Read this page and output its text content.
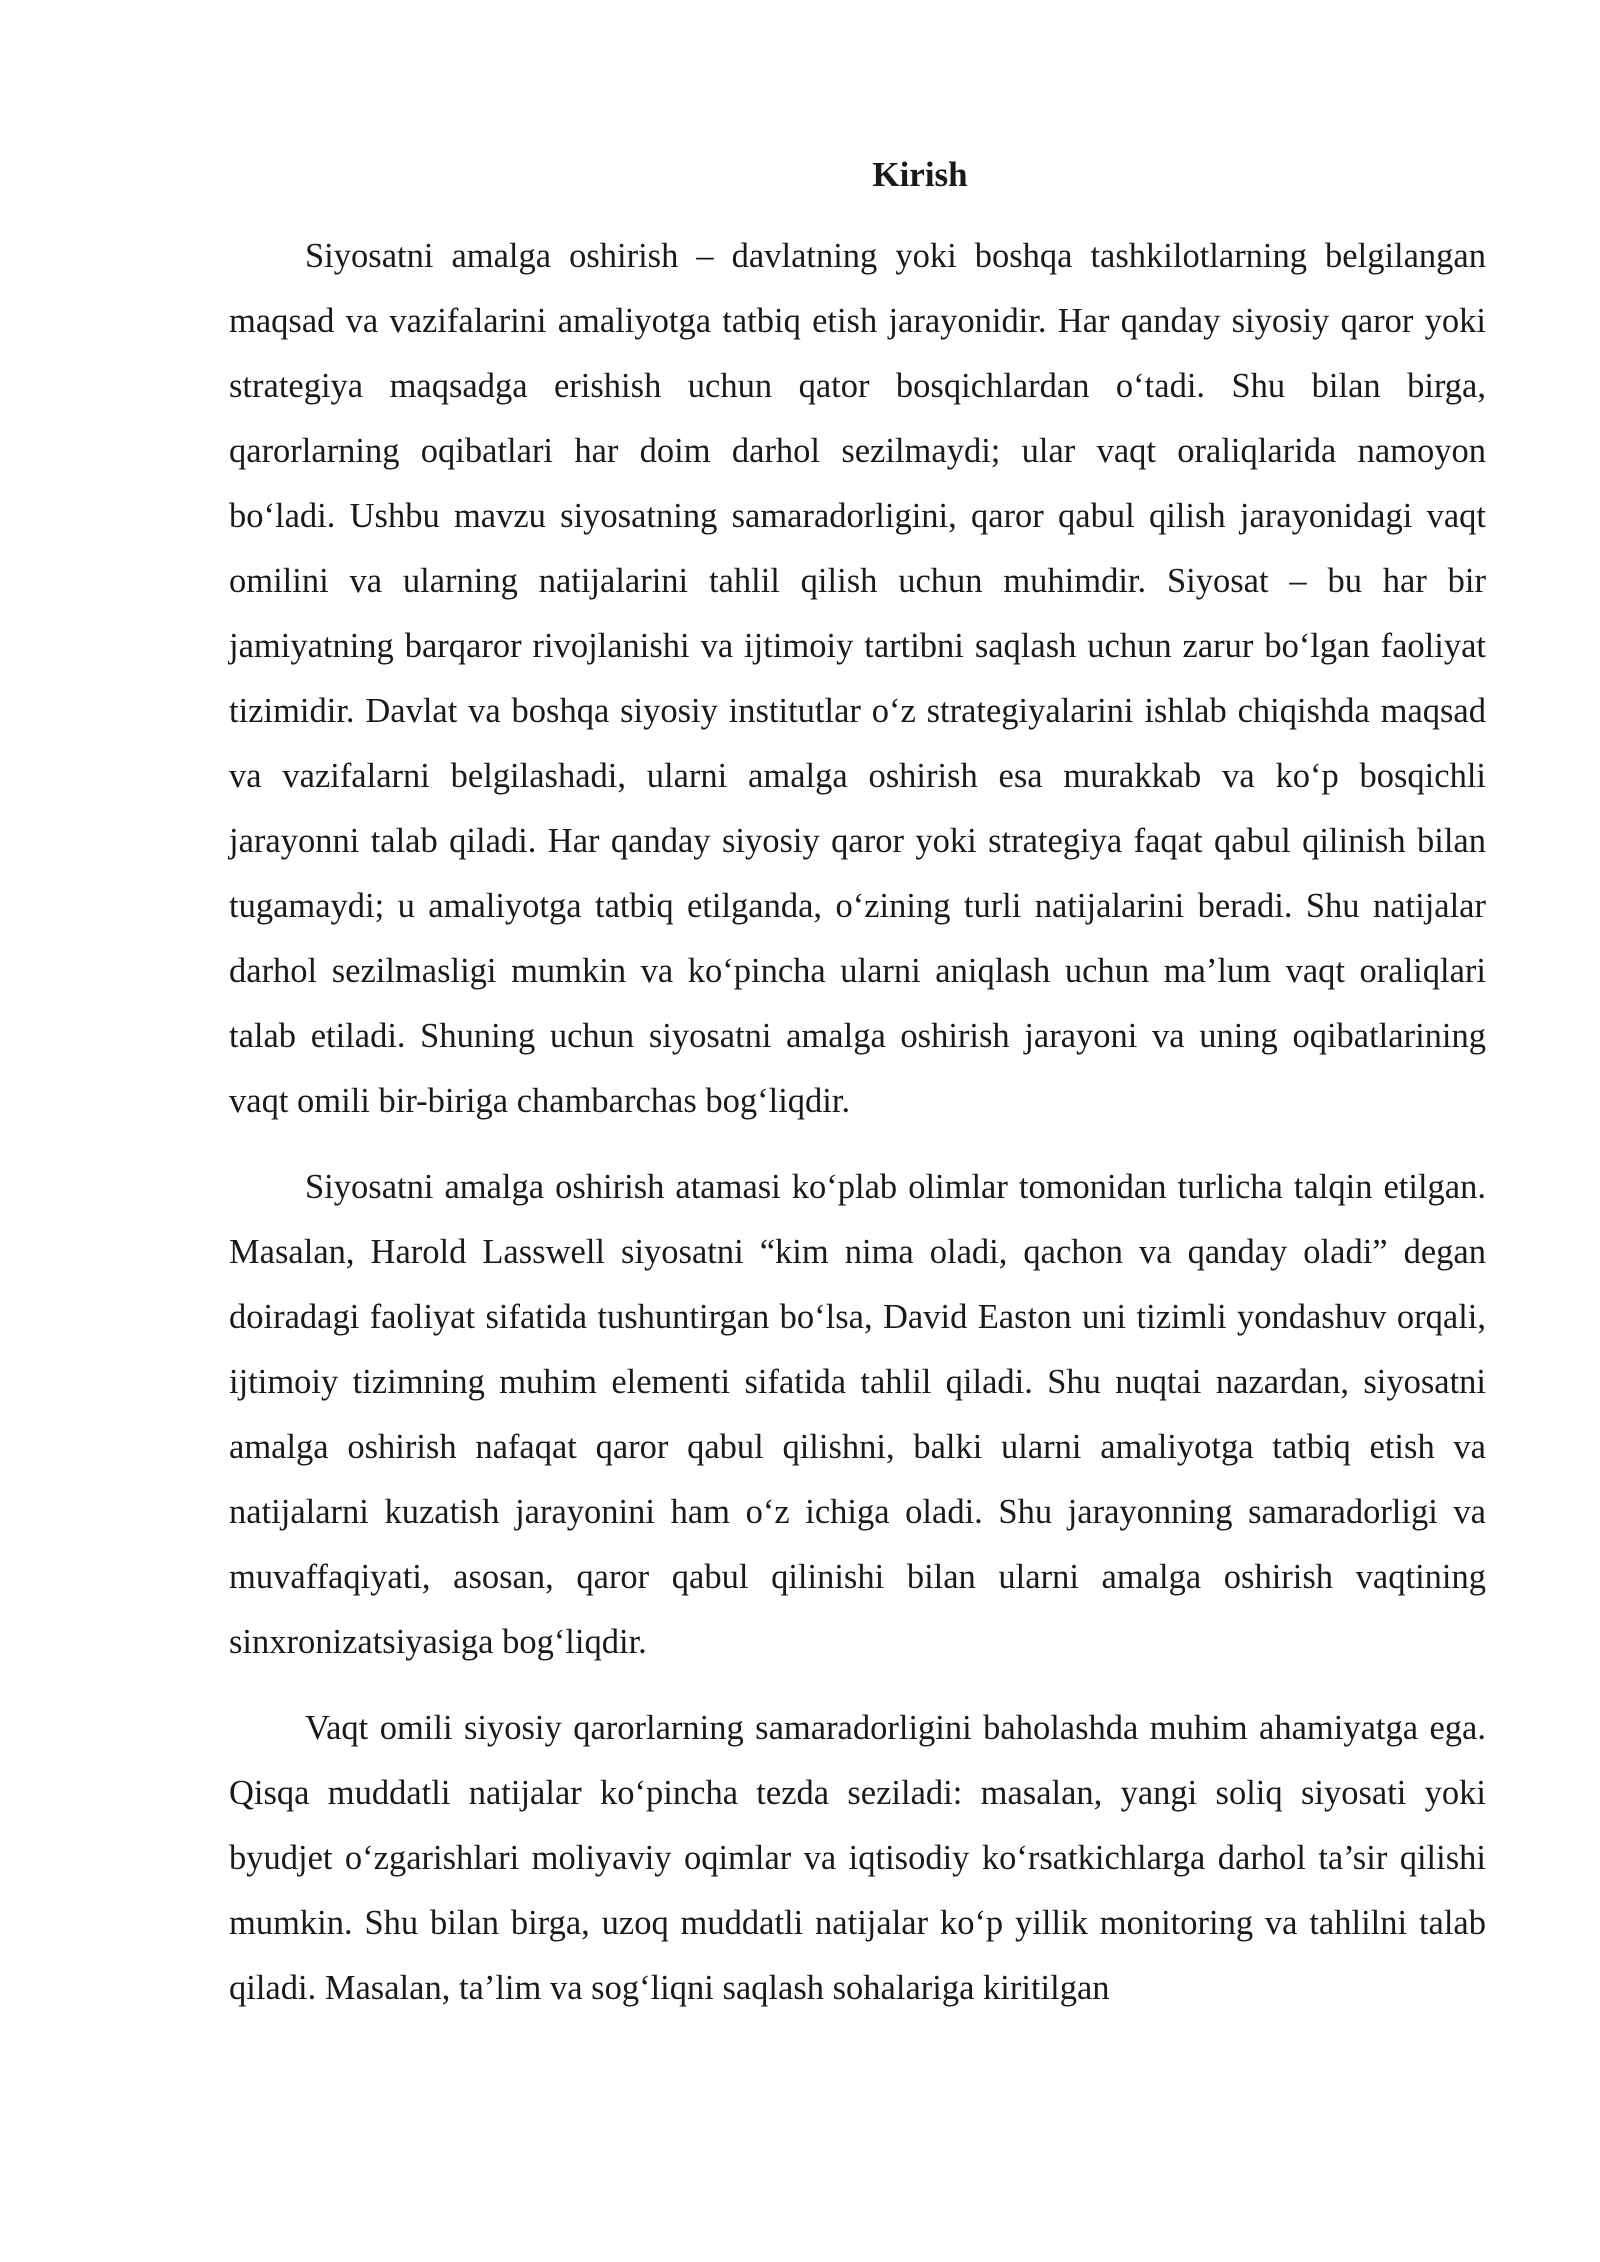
Kirish

Siyosatni amalga oshirish – davlatning yoki boshqa tashkilotlarning belgilangan maqsad va vazifalarini amaliyotga tatbiq etish jarayonidir. Har qanday siyosiy qaror yoki strategiya maqsadga erishish uchun qator bosqichlardan o‘tadi. Shu bilan birga, qarorlarning oqibatlari har doim darhol sezilmaydi; ular vaqt oraliqlarida namoyon bo‘ladi. Ushbu mavzu siyosatning samaradorligini, qaror qabul qilish jarayonidagi vaqt omilini va ularning natijalarini tahlil qilish uchun muhimdir. Siyosat – bu har bir jamiyatning barqaror rivojlanishi va ijtimoiy tartibni saqlash uchun zarur bo‘lgan faoliyat tizimidir. Davlat va boshqa siyosiy institutlar o‘z strategiyalarini ishlab chiqishda maqsad va vazifalarni belgilashadi, ularni amalga oshirish esa murakkab va ko‘p bosqichli jarayonni talab qiladi. Har qanday siyosiy qaror yoki strategiya faqat qabul qilinish bilan tugamaydi; u amaliyotga tatbiq etilganda, o‘zining turli natijalarini beradi. Shu natijalar darhol sezilmasligi mumkin va ko‘pincha ularni aniqlash uchun ma’lum vaqt oraliqlari talab etiladi. Shuning uchun siyosatni amalga oshirish jarayoni va uning oqibatlarining vaqt omili bir-biriga chambarchas bog‘liqdir.

Siyosatni amalga oshirish atamasi ko‘plab olimlar tomonidan turlicha talqin etilgan. Masalan, Harold Lasswell siyosatni “kim nima oladi, qachon va qanday oladi” degan doiradagi faoliyat sifatida tushuntirgan bo‘lsa, David Easton uni tizimli yondashuv orqali, ijtimoiy tizimning muhim elementi sifatida tahlil qiladi. Shu nuqtai nazardan, siyosatni amalga oshirish nafaqat qaror qabul qilishni, balki ularni amaliyotga tatbiq etish va natijalarni kuzatish jarayonini ham o‘z ichiga oladi. Shu jarayonning samaradorligi va muvaffaqiyati, asosan, qaror qabul qilinishi bilan ularni amalga oshirish vaqtining sinxronizatsiyasiga bog‘liqdir.

Vaqt omili siyosiy qarorlarning samaradorligini baholashda muhim ahamiyatga ega. Qisqa muddatli natijalar ko‘pincha tezda seziladi: masalan, yangi soliq siyosati yoki byudjet o‘zgarishlari moliyaviy oqimlar va iqtisodiy ko‘rsatkichlarga darhol ta’sir qilishi mumkin. Shu bilan birga, uzoq muddatli natijalar ko‘p yillik monitoring va tahlilni talab qiladi. Masalan, ta’lim va sog‘liqni saqlash sohalariga kiritilgan
